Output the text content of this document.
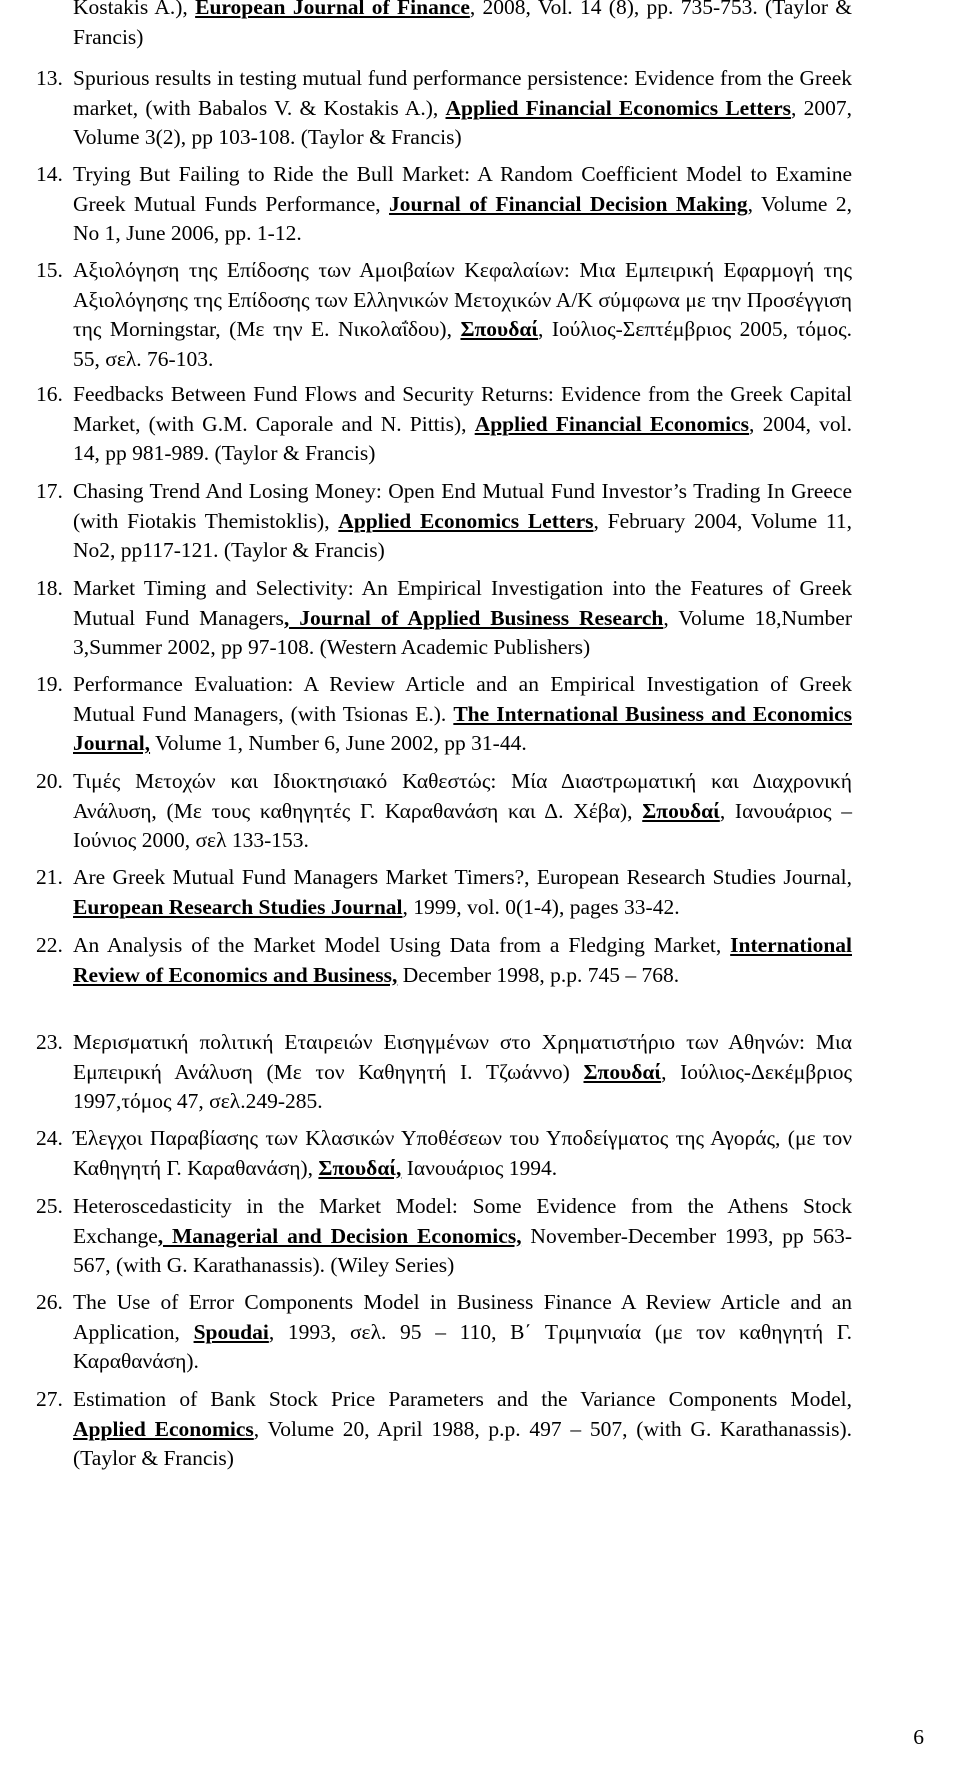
Kostakis A.), European Journal of Finance, 2008, Vol. 14 (8), pp. 735-753. (Taylor & Francis)
13. Spurious results in testing mutual fund performance persistence: Evidence from the Greek market, (with Babalos V. & Kostakis A.), Applied Financial Economics Letters, 2007, Volume 3(2), pp 103-108. (Taylor & Francis)
14. Trying But Failing to Ride the Bull Market: A Random Coefficient Model to Examine Greek Mutual Funds Performance, Journal of Financial Decision Making, Volume 2, No 1, June 2006, pp. 1-12.
15. Αξιολόγηση της Επίδοσης των Αμοιβαίων Κεφαλαίων: Μια Εμπειρική Εφαρμογή της Αξιολόγησης της Επίδοσης των Ελληνικών Μετοχικών Α/Κ σύμφωνα με την Προσέγγιση της Morningstar, (Με την Ε. Νικολαΐδου), Σπουδαί, Ιούλιος-Σεπτέμβριος 2005, τόμος. 55, σελ. 76-103.
16. Feedbacks Between Fund Flows and Security Returns: Evidence from the Greek Capital Market, (with G.M. Caporale and N. Pittis), Applied Financial Economics, 2004, vol. 14, pp 981-989. (Taylor & Francis)
17. Chasing Trend And Losing Money: Open End Mutual Fund Investor’s Trading In Greece (with Fiotakis Themistoklis), Applied Economics Letters, February 2004, Volume 11, No2, pp117-121. (Taylor & Francis)
18. Market Timing and Selectivity: An Empirical Investigation into the Features of Greek Mutual Fund Managers, Journal of Applied Business Research, Volume 18,Number 3,Summer 2002, pp 97-108. (Western Academic Publishers)
19. Performance Evaluation: A Review Article and an Empirical Investigation of Greek Mutual Fund Managers, (with Tsionas E.). The International Business and Economics Journal, Volume 1, Number 6, June 2002, pp 31-44.
20. Τιμές Μετοχών και Ιδιοκτησιακό Καθεστώς: Μία Διαστρωματική και Διαχρονική Ανάλυση, (Με τους καθηγητές Γ. Καραθανάση και Δ. Χέβα), Σπουδαί, Ιανουάριος – Ιούνιος 2000, σελ 133-153.
21. Are Greek Mutual Fund Managers Market Timers?, European Research Studies Journal, European Research Studies Journal, 1999, vol. 0(1-4), pages 33-42.
22. An Analysis of the Market Model Using Data from a Fledging Market, International Review of Economics and Business, December 1998, p.p. 745 – 768.
23. Μερισματική πολιτική Εταιρειών Εισηγμένων στο Χρηματιστήριο των Αθηνών: Μια Εμπειρική Ανάλυση (Με τον Καθηγητή Ι. Τζωάννο) Σπουδαί, Ιούλιος-Δεκέμβριος 1997,τόμος 47, σελ.249-285.
24. Έλεγχοι Παραβίασης των Κλασικών Υποθέσεων του Υποδείγματος της Αγοράς, (με τον Καθηγητή Γ. Καραθανάση), Σπουδαί, Ιανουάριος 1994.
25. Heteroscedasticity in the Market Model: Some Evidence from the Athens Stock Exchange, Managerial and Decision Economics, November-December 1993, pp 563-567, (with G. Karathanassis). (Wiley Series)
26. The Use of Error Components Model in Business Finance A Review Article and an Application, Spoudai, 1993, σελ. 95 – 110, Β΄ Τριμηνιαία (με τον καθηγητή Γ. Καραθανάση).
27. Estimation of Bank Stock Price Parameters and the Variance Components Model, Applied Economics, Volume 20, April 1988, p.p. 497 – 507, (with G. Karathanassis). (Taylor & Francis)
6
